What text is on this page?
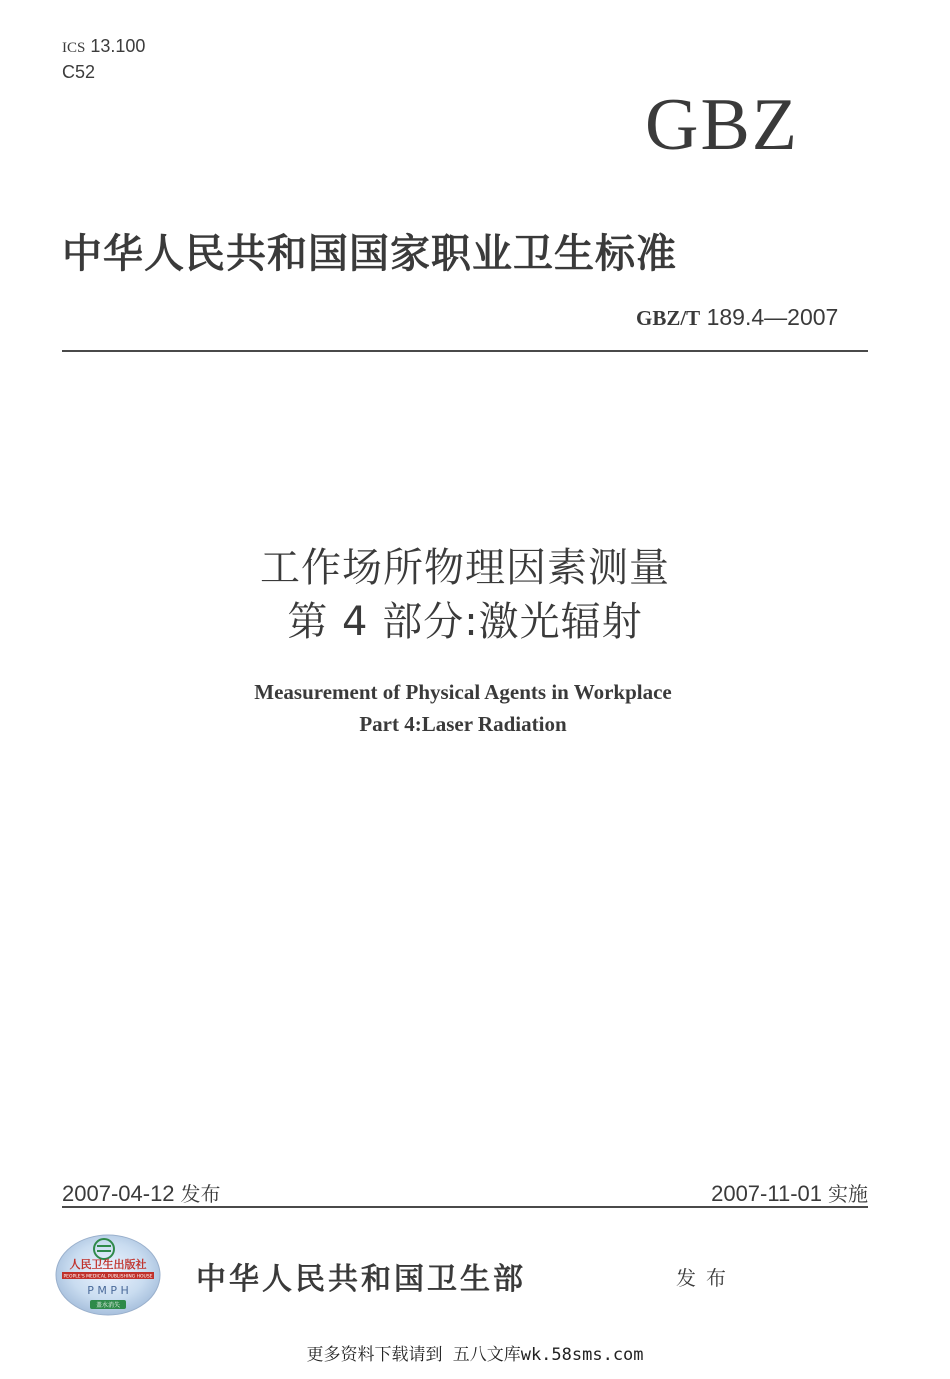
ICS 13.100
C52
GBZ
中华人民共和国国家职业卫生标准
GBZ/T 189.4—2007
工作场所物理因素测量
第 4 部分:激光辐射
Measurement of Physical Agents in Workplace
Part 4:Laser Radiation
2007-04-12 发布	2007-11-01 实施
人民卫生出版社
PEOPLE'S MEDICAL PUBLISHING HOUSE
P M P H
盖水消失
中华人民共和国卫生部	发布
更多资料下载请到 五八文库wk.58sms.com
